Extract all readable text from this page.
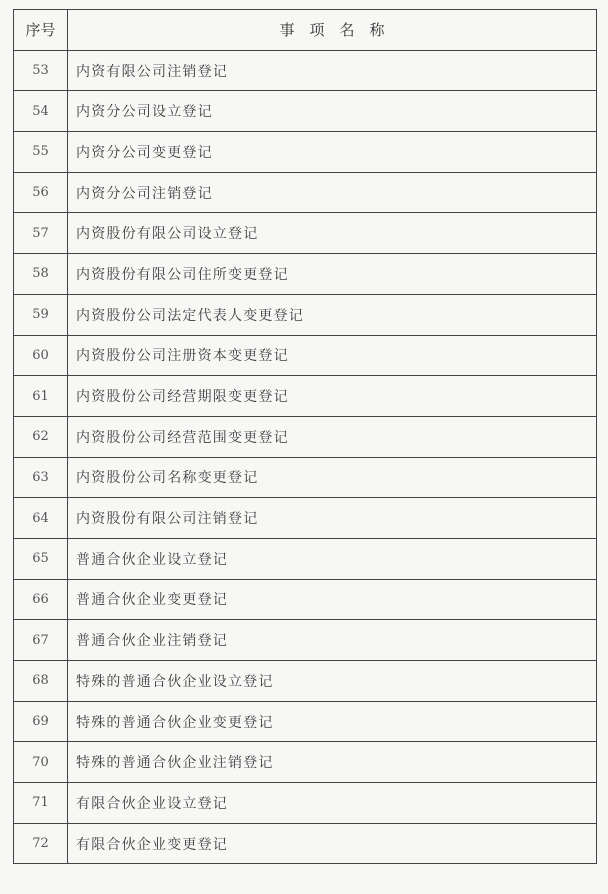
序号	事　项　名　称
53	内资有限公司注销登记
54	内资分公司设立登记
55	内资分公司变更登记
56	内资分公司注销登记
57	内资股份有限公司设立登记
58	内资股份有限公司住所变更登记
59	内资股份公司法定代表人变更登记
60	内资股份公司注册资本变更登记
61	内资股份公司经营期限变更登记
62	内资股份公司经营范围变更登记
63	内资股份公司名称变更登记
64	内资股份有限公司注销登记
65	普通合伙企业设立登记
66	普通合伙企业变更登记
67	普通合伙企业注销登记
68	特殊的普通合伙企业设立登记
69	特殊的普通合伙企业变更登记
70	特殊的普通合伙企业注销登记
71	有限合伙企业设立登记
72	有限合伙企业变更登记
